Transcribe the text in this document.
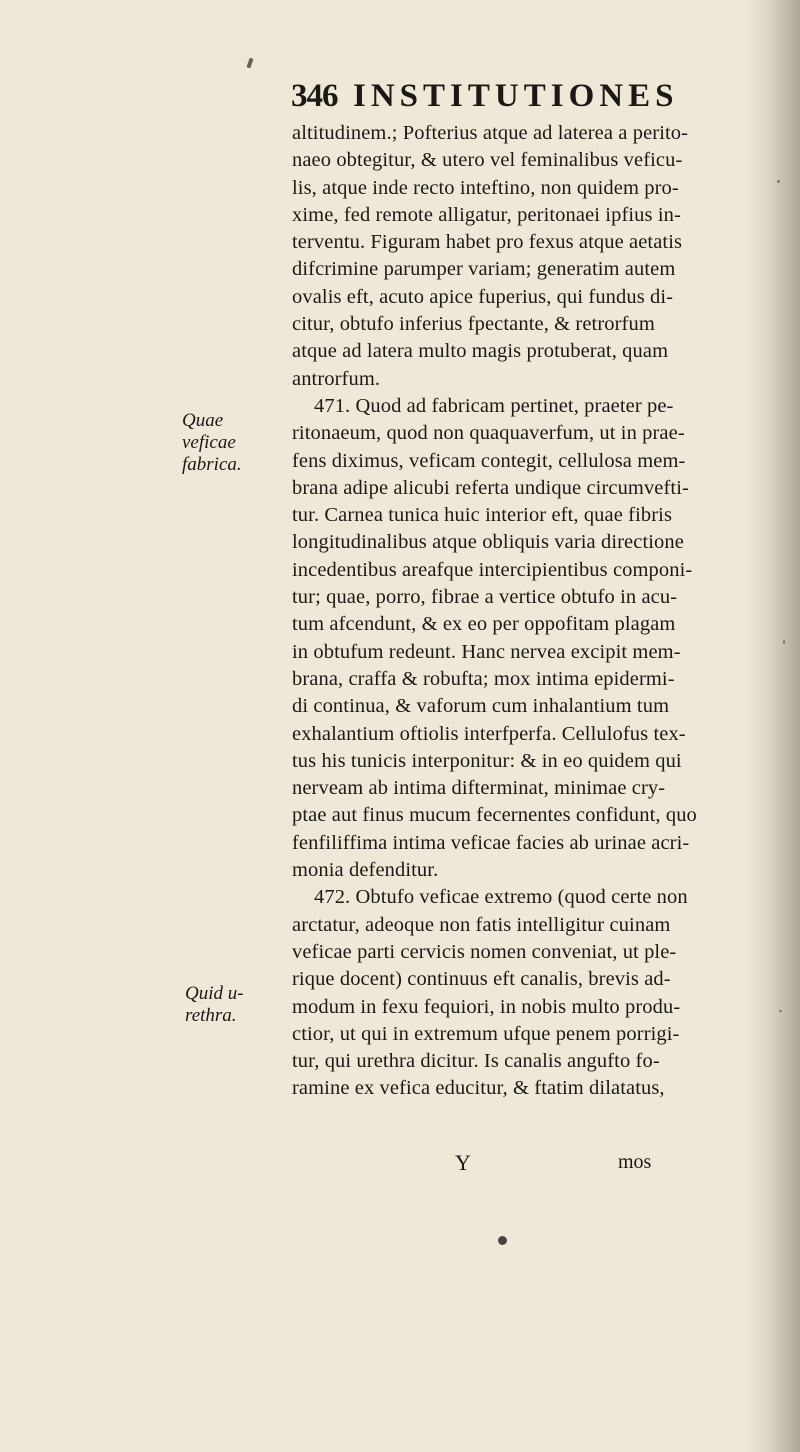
346 INSTITUTIONES
altitudinem.; Pofterius atque ad laterea a perito-
naeo obtegitur, & utero vel feminalibus veficu-
lis, atque inde recto inteftino, non quidem pro-
xime, fed remote alligatur, peritonaei ipfius in-
terventu. Figuram habet pro fexus atque aetatis
difcrimine parumper variam; generatim autem
ovalis eft, acuto apice fuperius, qui fundus di-
citur, obtufo inferius fpectante, & retrorfum
atque ad latera multo magis protuberat, quam
antrorfum.
471. Quod ad fabricam pertinet, praeter pe-
ritonaeum, quod non quaquaverfum, ut in prae-
fens diximus, veficam contegit, cellulosa mem-
brana adipe alicubi referta undique circumvefti-
tur. Carnea tunica huic interior eft, quae fibris
longitudinalibus atque obliquis varia directione
incedentibus areafque intercipientibus componi-
tur; quae, porro, fibrae a vertice obtufo in acu-
tum afcendunt, & ex eo per oppofitam plagam
in obtufum redeunt. Hanc nervea excipit mem-
brana, craffa & robufta; mox intima epidermi-
di continua, & vaforum cum inhalantium tum
exhalantium oftiolis interfperfa. Cellulofus tex-
tus his tunicis interponitur: & in eo quidem qui
nerveam ab intima difterminat, minimae cry-
ptae aut finus mucum fecernentes confidunt, quo
fenfiliffima intima veficae facies ab urinae acri-
monia defenditur.
472. Obtufo veficae extremo (quod certe non
arctatur, adeoque non fatis intelligitur cuinam
veficae parti cervicis nomen conveniat, ut ple-
rique docent) continuus eft canalis, brevis ad-
modum in fexu fequiori, in nobis multo produ-
ctior, ut qui in extremum ufque penem porrigi-
tur, qui urethra dicitur. Is canalis angufto fo-
ramine ex vefica educitur, & ftatim dilatatus,
Quae
veficae
fabrica.
Quid u-
rethra.
Y	mos
